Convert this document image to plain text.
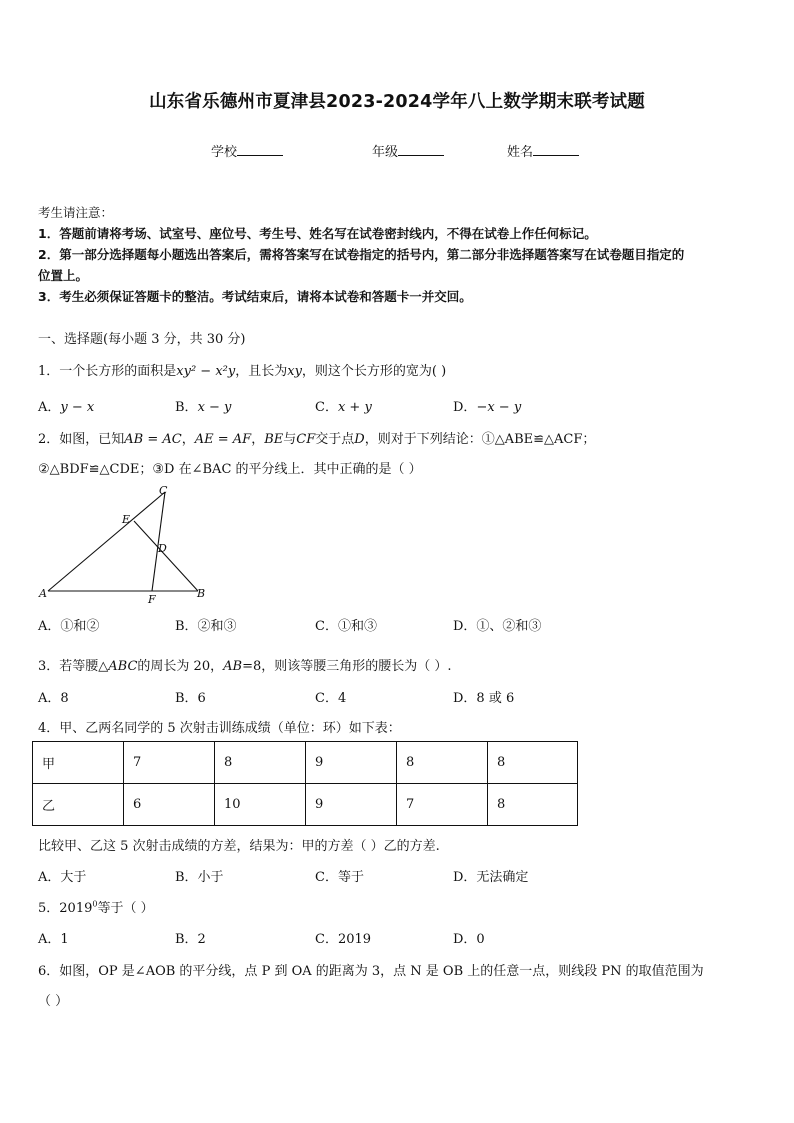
山东省乐德州市夏津县2023-2024学年八上数学期末联考试题
学校	年级	姓名
考生请注意：
1．答题前请将考场、试室号、座位号、考生号、姓名写在试卷密封线内，不得在试卷上作任何标记。
2．第一部分选择题每小题选出答案后，需将答案写在试卷指定的括号内，第二部分非选择题答案写在试卷题目指定的
位置上。
3．考生必须保证答题卡的整洁。考试结束后，请将本试卷和答题卡一并交回。
一、选择题(每小题 3 分，共 30 分)
1．一个长方形的面积是xy² − x²y，且长为xy，则这个长方形的宽为( )
A．y − x	B．x − y	C．x + y	D．−x − y
2．如图，已知AB = AC，AE = AF，BE与CF交于点D，则对于下列结论：①△ABE≌△ACF；
②△BDF≌△CDE；③D 在∠BAC 的平分线上．其中正确的是（ ）
C
E
D
A	F	B
A．①和②	B．②和③	C．①和③	D．①、②和③
3．若等腰△ABC的周长为 20，AB=8，则该等腰三角形的腰长为（ ）.
A．8	B．6	C．4	D．8 或 6
4．甲、乙两名同学的 5 次射击训练成绩（单位：环）如下表：
甲	7	8	9	8	8
乙	6	10	9	7	8
比较甲、乙这 5 次射击成绩的方差，结果为：甲的方差（ ）乙的方差.
A．大于	B．小于	C．等于	D．无法确定
5．2019$^0$等于（ ）
A．1	B．2	C．2019	D．0
6．如图，OP 是∠AOB 的平分线，点 P 到 OA 的距离为 3，点 N 是 OB 上的任意一点，则线段 PN 的取值范围为
（ ）
